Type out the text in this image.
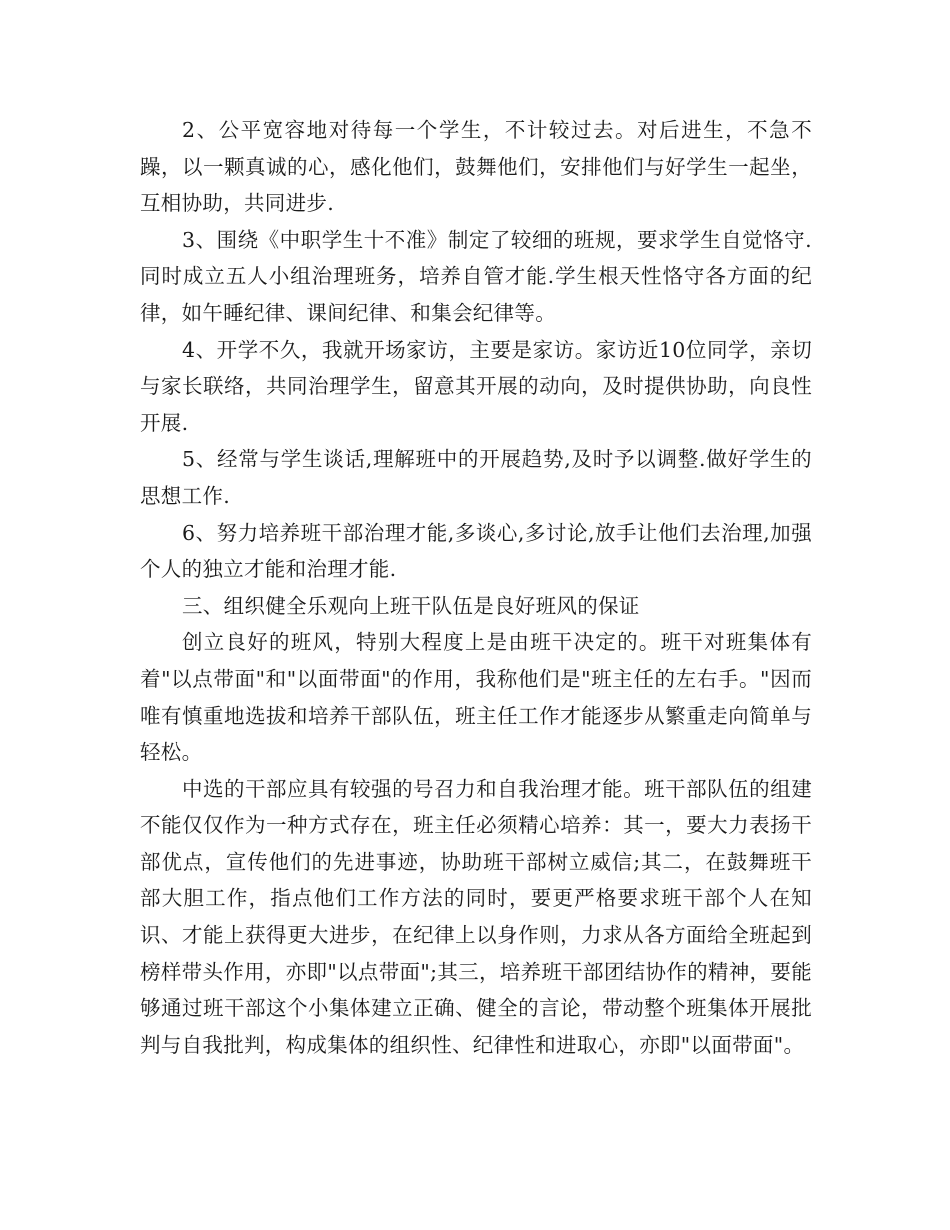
2、公平宽容地对待每一个学生，不计较过去。对后进生，不急不躁，以一颗真诚的心，感化他们，鼓舞他们，安排他们与好学生一起坐，互相协助，共同进步.

3、围绕《中职学生十不准》制定了较细的班规，要求学生自觉恪守.同时成立五人小组治理班务，培养自管才能.学生根天性恪守各方面的纪律，如午睡纪律、课间纪律、和集会纪律等。

4、开学不久，我就开场家访，主要是家访。家访近10位同学，亲切与家长联络，共同治理学生，留意其开展的动向，及时提供协助，向良性开展.

5、经常与学生谈话,理解班中的开展趋势,及时予以调整.做好学生的思想工作.

6、努力培养班干部治理才能,多谈心,多讨论,放手让他们去治理,加强个人的独立才能和治理才能.

三、组织健全乐观向上班干队伍是良好班风的保证

创立良好的班风，特别大程度上是由班干决定的。班干对班集体有着"以点带面"和"以面带面"的作用，我称他们是"班主任的左右手。"因而唯有慎重地选拔和培养干部队伍，班主任工作才能逐步从繁重走向简单与轻松。

中选的干部应具有较强的号召力和自我治理才能。班干部队伍的组建不能仅仅作为一种方式存在，班主任必须精心培养：其一，要大力表扬干部优点，宣传他们的先进事迹，协助班干部树立威信;其二，在鼓舞班干部大胆工作，指点他们工作方法的同时，要更严格要求班干部个人在知识、才能上获得更大进步，在纪律上以身作则，力求从各方面给全班起到榜样带头作用，亦即"以点带面";其三，培养班干部团结协作的精神，要能够通过班干部这个小集体建立正确、健全的言论，带动整个班集体开展批判与自我批判，构成集体的组织性、纪律性和进取心，亦即"以面带面"。
